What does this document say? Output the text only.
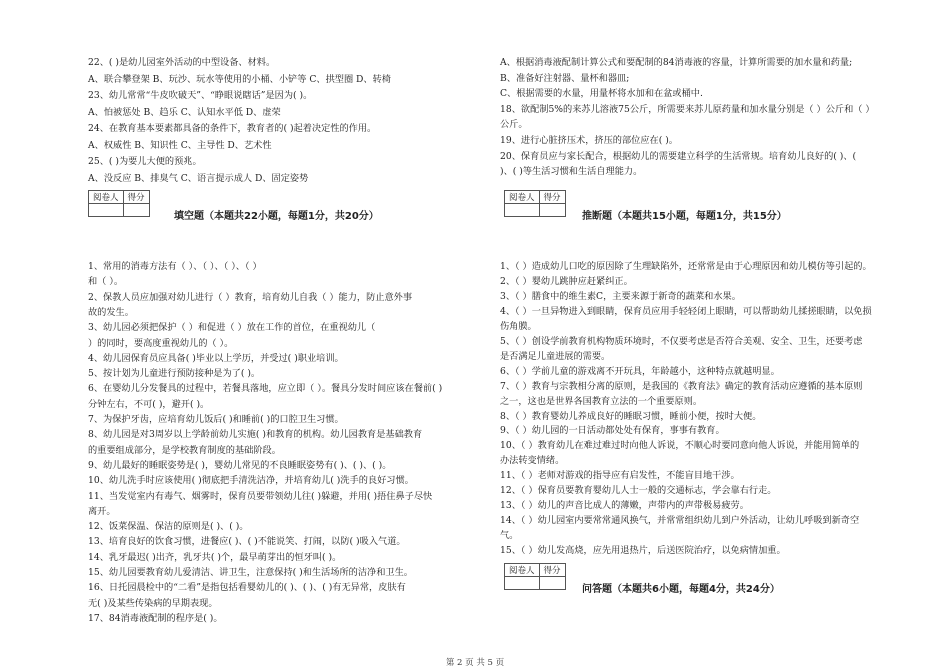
22、( )是幼儿园室外活动的中型设备、材料。
A、联合攀登架 B、玩沙、玩水等使用的小桶、小铲等 C、拱型圈 D、转椅
23、幼儿常常“牛皮吹破天”、“睁眼说瞎话”是因为( )。
A、怕被惩处 B、趋乐 C、认知水平低 D、虚荣
24、在教育基本要素都具备的条件下，教育者的( )起着决定性的作用。
A、权威性 B、知识性 C、主导性 D、艺术性
25、( )为要儿大便的预兆。
A、没反应 B、排臭气 C、语言提示成人 D、固定姿势
阅卷人	得分

填空题（本题共22小题，每题1分，共20分）
1、常用的消毒方法有（ ）、（ ）、（ ）、（ ）
和（ ）。
2、保教人员应加强对幼儿进行（ ）教育，培育幼儿自我（ ）能力，防止意外事
故的发生。
3、幼儿园必须把保护（ ）和促进（ ）放在工作的首位，在重视幼儿（
）的同时，要高度重视幼儿的（ ）。
4、幼儿园保育员应具备( )毕业以上学历，并受过( )职业培训。
5、按计划为儿童进行预防接种是为了( )。
6、在婴幼儿分发餐具的过程中，若餐具落地，应立即（ ）。餐具分发时间应该在餐前( )
分钟左右，不可( )，避开( )。
7、为保护牙齿，应培育幼儿饭后( )和睡前( )的口腔卫生习惯。
8、幼儿园是对3周岁以上学龄前幼儿实施( )和教育的机构。幼儿园教育是基础教育
的重要组成部分，是学校教育制度的基础阶段。
9、幼儿最好的睡眠姿势是( )，婴幼儿常见的不良睡眠姿势有( )、( )、( )。
10、幼儿洗手时应该使用( )彻底把手清洗洁净，并培育幼儿( )洗手的良好习惯。
11、当发觉室内有毒气、烟雾时，保育员要带领幼儿往( )躲避，并用( )捂住鼻子尽快
离开。
12、饭菜保温、保洁的原则是( )、( )。
13、培育良好的饮食习惯，进餐应( )、( )不能说笑、打闹，以防( )吸入气道。
14、乳牙最迟( )出齐，乳牙共( )个，最早萌芽出的恒牙叫( )。
15、幼儿园要教育幼儿爱清洁、讲卫生，注意保持( )和生活场所的洁净和卫生。
16、日托园晨检中的“二看”是指包括看婴幼儿的( )、( )、( )有无异常，皮肤有
无( )及某些传染病的早期表现。
17、84消毒液配制的程序是( )。
A、根据消毒液配制计算公式和要配制的84消毒液的容量，计算所需要的加水量和药量;
B、准备好注射器、量杯和器皿;
C、根据需要的水量，用量杯将水加和在盆或桶中.
18、欲配制5%的来苏儿溶液75公斤，所需要来苏儿原药量和加水量分别是（ ）公斤和（ ）
公斤。
19、进行心脏挤压术，挤压的部位应在( )。
20、保育员应与家长配合，根据幼儿的需要建立科学的生活常规。培育幼儿良好的( )、(
)、( )等生活习惯和生活自理能力。
阅卷人	得分

推断题（本题共15小题，每题1分，共15分）
1、（ ）造成幼儿口吃的原因除了生理缺陷外，还常常是由于心理原因和幼儿模仿等引起的。
2、（ ）婴幼儿跳肿应赶紧纠正。
3、（ ）膳食中的维生素C，主要来源于新奇的蔬菜和水果。
4、（ ）一旦异物进入到眼睛，保育员应用手轻轻闭上眼睛，可以帮助幼儿揉搓眼睛，以免损
伤角膜。
5、（ ）创设学前教育机构物质环境时，不仅要考虑是否符合美观、安全、卫生，还要考虑
是否满足儿童进展的需要。
6、（ ）学前儿童的游戏离不开玩具，年龄越小，这种特点就越明显。
7、（ ）教育与宗教相分离的原则，是我国的《教育法》确定的教育活动应遵循的基本原则
之一，这也是世界各国教育立法的一个重要原则。
8、（ ）教育婴幼儿养成良好的睡眠习惯，睡前小便，按时大便。
9、（ ）幼儿园的一日活动都处处有保育，事事有教育。
10、（ ）教育幼儿在难过难过时向他人诉说，不顺心时要同意向他人诉说，并能用简单的
办法转变情绪。
11、（ ）老师对游戏的指导应有启发性，不能盲目地干涉。
12、（ ）保育员要教育婴幼儿人士一般的交通标志，学会靠右行走。
13、（ ）幼儿的声音比成人的薄嫩，声带内的声带极易疲劳。
14、（ ）幼儿园室内要常常通风换气，并常常组织幼儿到户外活动，让幼儿呼吸到新奇空
气。
15、（ ）幼儿发高烧，应先用退热片，后送医院治疗，以免病情加重。
阅卷人	得分

问答题（本题共6小题，每题4分，共24分）
第 2 页 共 5 页
